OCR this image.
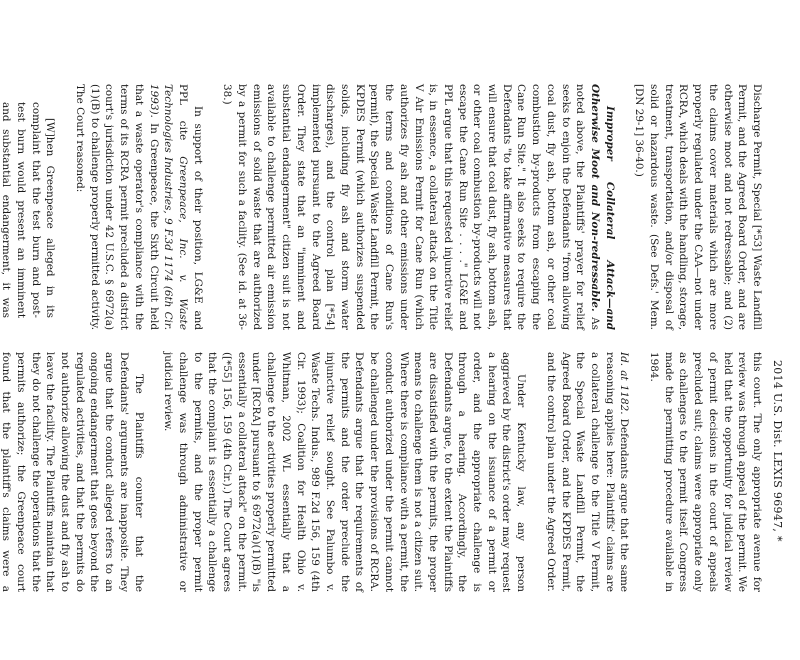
2014 U.S. Dist. LEXIS 96947, *

Discharge Permit, Special [*53] Waste Landfill Permit, and the Agreed Board Order, and are otherwise moot and not redressable; and (2) the claims cover materials which are more properly regulated under the CAA—not under RCRA, which deals with the handling, storage, treatment, transportation, and/or disposal of solid or hazardous waste. (See Defs.' Mem. [DN 29-1] 36-40.)

Improper Collateral Attack—and Otherwise Moot and Non-redressable. As noted above, the Plaintiffs' prayer for relief seeks to enjoin the Defendants "from allowing coal dust, fly ash, bottom ash, or other coal combustion by-products from escaping the Cane Run Site." It also seeks to require the Defendants "to take affirmative measures that will ensure that coal dust, fly ash, bottom ash, or other coal combustion by-products will not escape the Cane Run Site . . . ." LG&E and PPL argue that this requested injunctive relief is, in essence, a collateral attack on the Title V Air Emissions Permit for Cane Run (which authorizes fly ash and other emissions under the terms and conditions of Cane Run's permit), the Special Waste Landfill Permit, the KPDES Permit (which authorizes suspended solids, including fly ash and storm water discharges), and the control plan [*54] implemented pursuant to the Agreed Board Order. They state that an "imminent and substantial endangerment" citizen suit is not available to challenge permitted air emission emissions of solid waste that are authorized by a permit for such a facility. (See id. at 36-38.)

In support of their position, LG&E and PPL cite Greenpeace, Inc. v. Waste Technologies Industries, 9 F.3d 1174 (6th Cir. 1993). In Greenpeace, the Sixth Circuit held that a waste operator's compliance with the terms of its RCRA permit precluded a district court's jurisdiction under 42 U.S.C. § 6972(a)(1)(B) to challenge properly permitted activity. The Court reasoned:

[W]hen Greenpeace alleged in its complaint that the test burn and post-test burn would present an imminent and substantial endangerment, it was

this court. The only appropriate avenue for review was through appeal of the permit. We held that the opportunity for judicial review of permit decisions in the court of appeals precluded suit; claims were appropriate only as challenges to the permit itself. Congress made the permitting procedure available in 1984.

Id. at 1182. Defendants argue that the same reasoning applies here: Plaintiffs' claims are a collateral challenge to the Title V Permit, the Special Waste Landfill Permit, the Agreed Board Order, and the KPDES Permit, and the control plan under the Agreed Order.

Under Kentucky law, any person aggrieved by the district's order may request a hearing on the issuance of a permit or order, and the appropriate challenge is through a hearing. Accordingly, the Defendants argue, to the extent the Plaintiffs are dissatisfied with the permits, the proper means to challenge them is not a citizen suit. Where there is compliance with a permit, the conduct authorized under the permit cannot be challenged under the provisions of RCRA. Defendants argue that the requirements of the permits and the order preclude the injunctive relief sought. See Palumbo v. Waste Techs. Indus., 989 F.2d 156, 159 (4th Cir. 1993); Coalition for Health Ohio v. Whitman, 2002 WL essentially that a challenge to the activities properly permitted under [RCRA] pursuant to § 6972(a)(1)(B) "is essentially a collateral attack" on the permit. ([*55] 156, 159 (4th Cir.).) The Court agrees that the complaint is essentially a challenge to the permits, and the proper permit challenge was through administrative or judicial review.

The Plaintiffs counter that the Defendants' arguments are inapposite. They argue that the conduct alleged refers to an ongoing endangerment that goes beyond the regulated activities, and that the permits do not authorize allowing the dust and fly ash to leave the facility. The Plaintiffs maintain that they do not challenge the operations that the permits authorize; the Greenpeace court found that the plaintiff's claims were a
